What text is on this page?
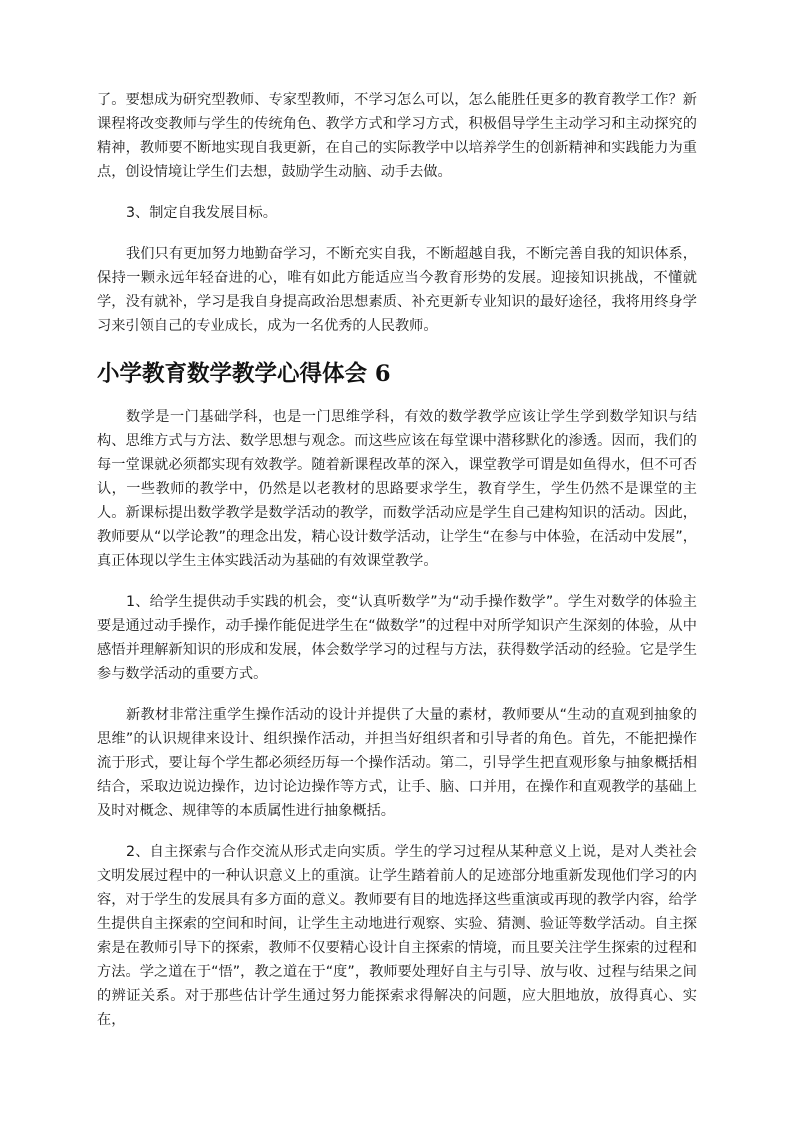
了。要想成为研究型教师、专家型教师，不学习怎么可以，怎么能胜任更多的教育教学工作？新课程将改变教师与学生的传统角色、教学方式和学习方式，积极倡导学生主动学习和主动探究的精神，教师要不断地实现自我更新，在自己的实际教学中以培养学生的创新精神和实践能力为重点，创设情境让学生们去想，鼓励学生动脑、动手去做。

3、制定自我发展目标。

我们只有更加努力地勤奋学习，不断充实自我，不断超越自我，不断完善自我的知识体系，保持一颗永远年轻奋进的心，唯有如此方能适应当今教育形势的发展。迎接知识挑战，不懂就学，没有就补，学习是我自身提高政治思想素质、补充更新专业知识的最好途径，我将用终身学习来引领自己的专业成长，成为一名优秀的人民教师。

小学教育数学教学心得体会 6

数学是一门基础学科，也是一门思维学科，有效的数学教学应该让学生学到数学知识与结构、思维方式与方法、数学思想与观念。而这些应该在每堂课中潜移默化的渗透。因而，我们的每一堂课就必须都实现有效教学。随着新课程改革的深入，课堂教学可谓是如鱼得水，但不可否认，一些教师的教学中，仍然是以老教材的思路要求学生，教育学生，学生仍然不是课堂的主人。新课标提出数学教学是数学活动的教学，而数学活动应是学生自己建构知识的活动。因此，教师要从“以学论教”的理念出发，精心设计数学活动，让学生“在参与中体验，在活动中发展”，真正体现以学生主体实践活动为基础的有效课堂教学。

1、给学生提供动手实践的机会，变“认真听数学”为“动手操作数学”。学生对数学的体验主要是通过动手操作，动手操作能促进学生在“做数学”的过程中对所学知识产生深刻的体验，从中感悟并理解新知识的形成和发展，体会数学学习的过程与方法，获得数学活动的经验。它是学生参与数学活动的重要方式。

新教材非常注重学生操作活动的设计并提供了大量的素材，教师要从“生动的直观到抽象的思维”的认识规律来设计、组织操作活动，并担当好组织者和引导者的角色。首先，不能把操作流于形式，要让每个学生都必须经历每一个操作活动。第二，引导学生把直观形象与抽象概括相结合，采取边说边操作，边讨论边操作等方式，让手、脑、口并用，在操作和直观教学的基础上及时对概念、规律等的本质属性进行抽象概括。

2、自主探索与合作交流从形式走向实质。学生的学习过程从某种意义上说，是对人类社会文明发展过程中的一种认识意义上的重演。让学生踏着前人的足迹部分地重新发现他们学习的内容，对于学生的发展具有多方面的意义。教师要有目的地选择这些重演或再现的教学内容，给学生提供自主探索的空间和时间，让学生主动地进行观察、实验、猜测、验证等数学活动。自主探索是在教师引导下的探索，教师不仅要精心设计自主探索的情境，而且要关注学生探索的过程和方法。学之道在于“悟”，教之道在于“度”，教师要处理好自主与引导、放与收、过程与结果之间的辨证关系。对于那些估计学生通过努力能探索求得解决的问题，应大胆地放，放得真心、实在，
